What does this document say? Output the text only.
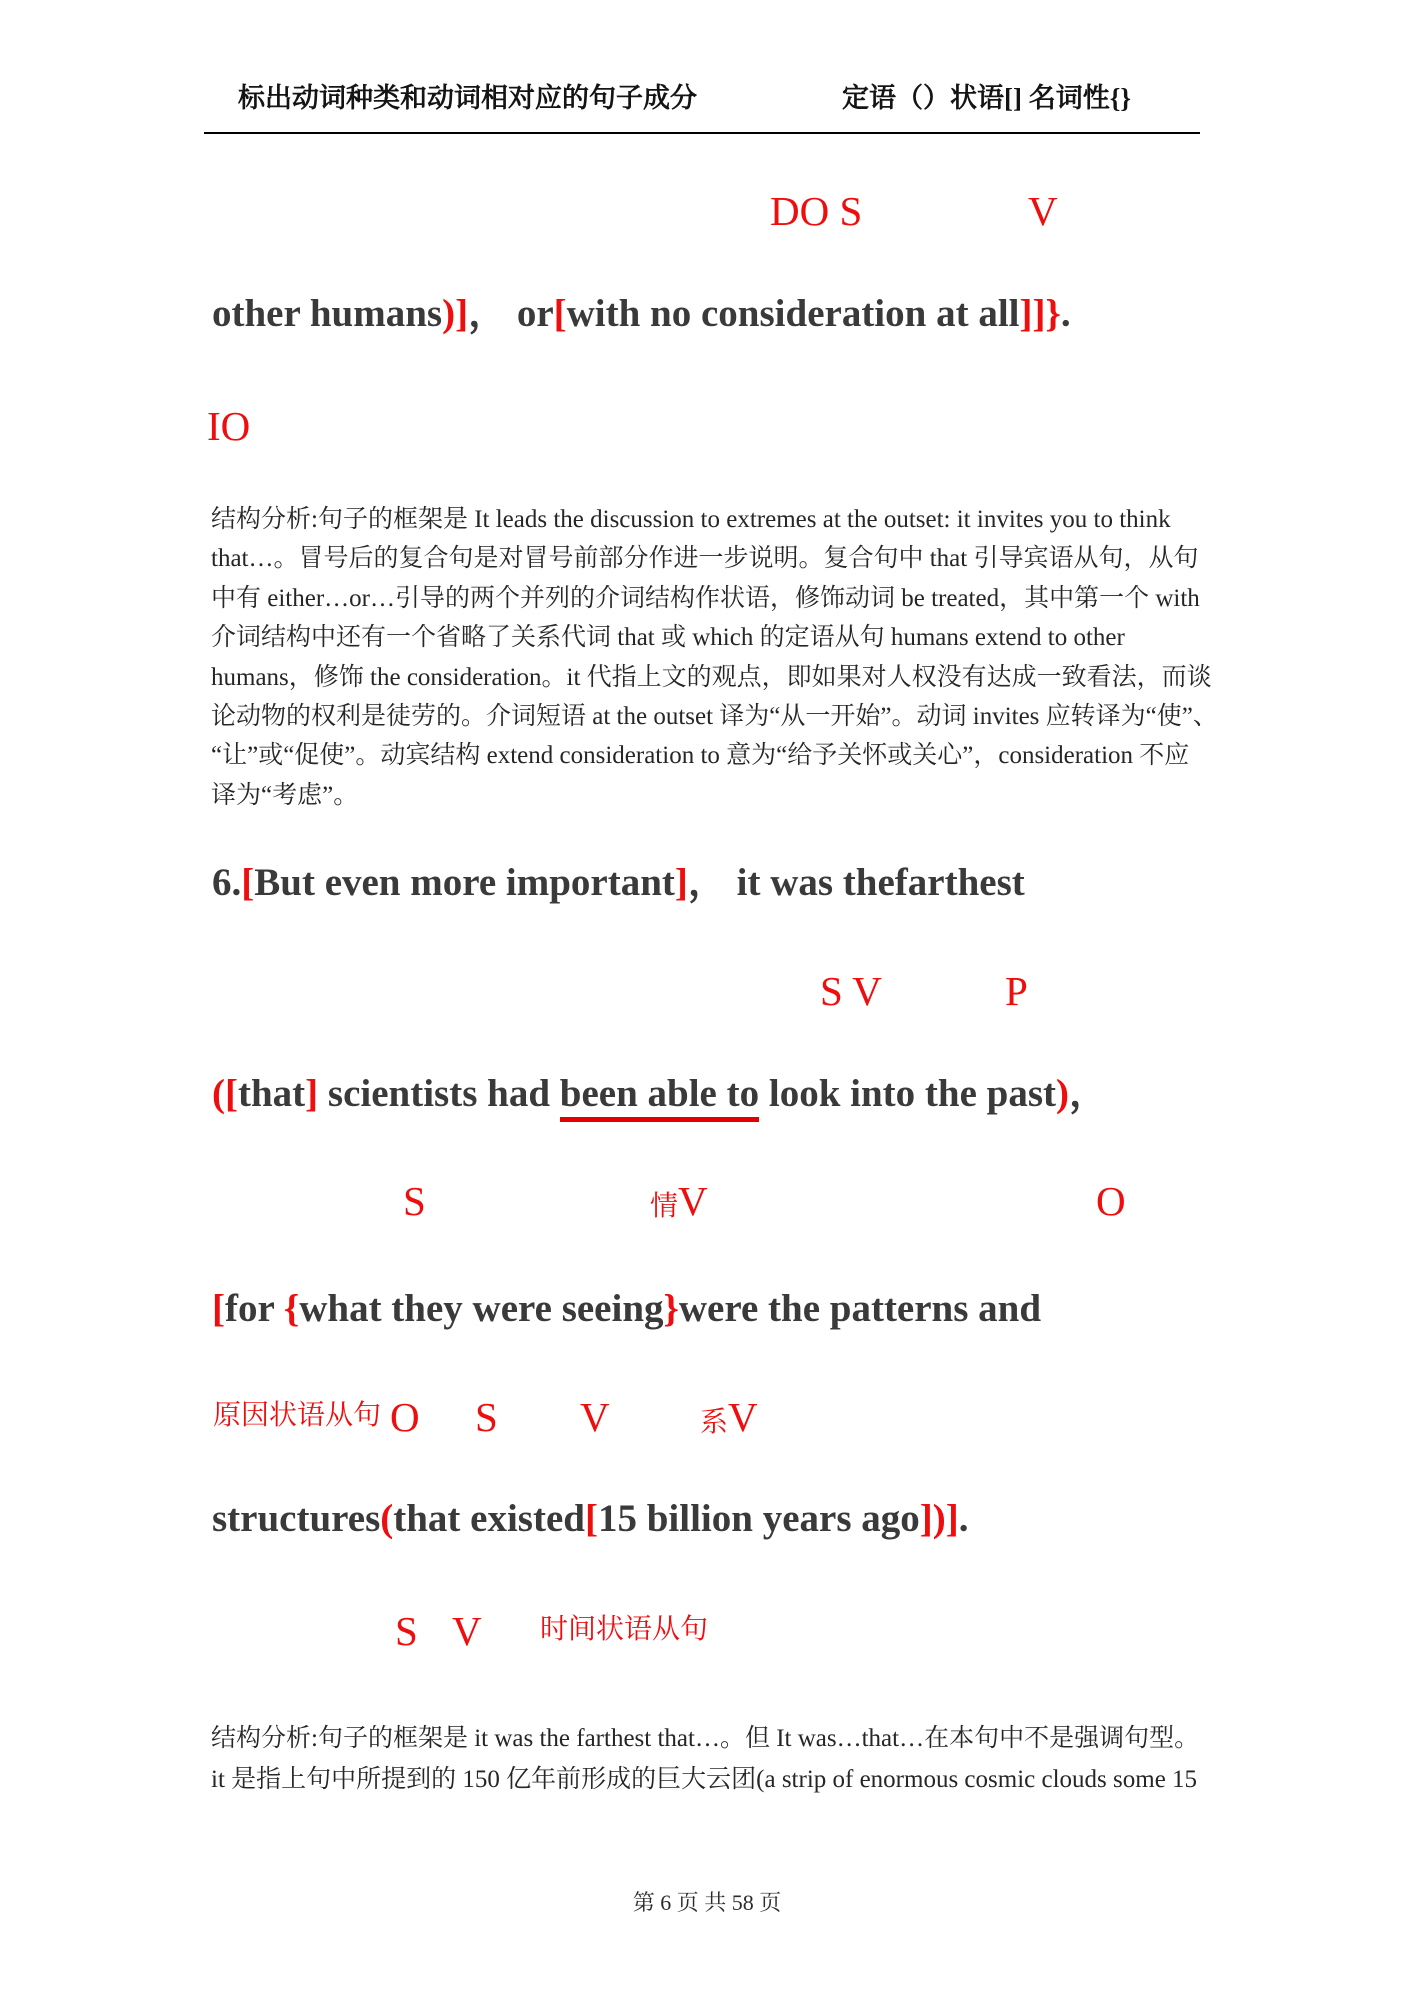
标出动词种类和动词相对应的句子成分	定语（）状语[] 名词性{}
DO S	V
other humans)]， or[with no consideration at all]]}.
IO
结构分析:句子的框架是 It leads the discussion to extremes at the outset: it invites you to think
that…。冒号后的复合句是对冒号前部分作进一步说明。复合句中 that 引导宾语从句，从句
中有 either…or…引导的两个并列的介词结构作状语，修饰动词 be treated，其中第一个 with
介词结构中还有一个省略了关系代词 that 或 which 的定语从句 humans extend to other
humans，修饰 the consideration。it 代指上文的观点，即如果对人权没有达成一致看法，而谈
论动物的权利是徒劳的。介词短语 at the outset 译为“从一开始”。动词 invites 应转译为“使”、
“让”或“促使”。动宾结构 extend consideration to 意为“给予关怀或关心”，consideration 不应
译为“考虑”。
6.[But even more important]， it was thefarthest
S V	P
([that] scientists had been able to look into the past)，
S	情V	O
[for {what they were seeing}were the patterns and
原因状语从句 O S V	系V
structures(that existed[15 billion years ago])].
S V 时间状语从句
结构分析:句子的框架是 it was the farthest that…。但 It was…that…在本句中不是强调句型。
it 是指上句中所提到的 150 亿年前形成的巨大云团(a strip of enormous cosmic clouds some 15
第 6 页 共 58 页
